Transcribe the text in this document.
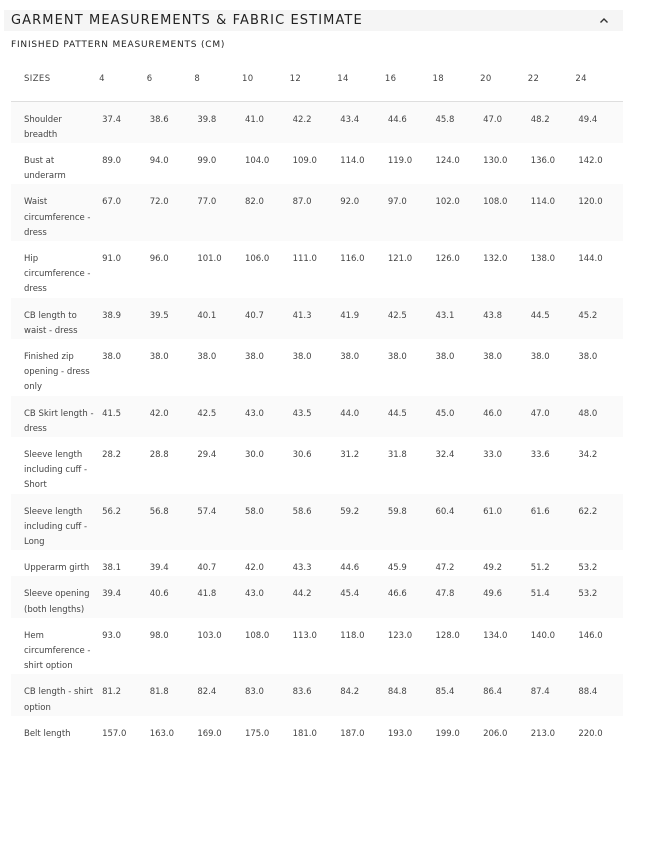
GARMENT MEASUREMENTS & FABRIC ESTIMATE
FINISHED PATTERN MEASUREMENTS (CM)
SIZES	4	6	8	10	12	14	16	18	20	22	24
Shoulder breadth	37.4	38.6	39.8	41.0	42.2	43.4	44.6	45.8	47.0	48.2	49.4
Bust at underarm	89.0	94.0	99.0	104.0	109.0	114.0	119.0	124.0	130.0	136.0	142.0
Waist circumference - dress	67.0	72.0	77.0	82.0	87.0	92.0	97.0	102.0	108.0	114.0	120.0
Hip circumference - dress	91.0	96.0	101.0	106.0	111.0	116.0	121.0	126.0	132.0	138.0	144.0
CB length to waist - dress	38.9	39.5	40.1	40.7	41.3	41.9	42.5	43.1	43.8	44.5	45.2
Finished zip opening - dress only	38.0	38.0	38.0	38.0	38.0	38.0	38.0	38.0	38.0	38.0	38.0
CB Skirt length - dress	41.5	42.0	42.5	43.0	43.5	44.0	44.5	45.0	46.0	47.0	48.0
Sleeve length including cuff - Short	28.2	28.8	29.4	30.0	30.6	31.2	31.8	32.4	33.0	33.6	34.2
Sleeve length including cuff - Long	56.2	56.8	57.4	58.0	58.6	59.2	59.8	60.4	61.0	61.6	62.2
Upperarm girth	38.1	39.4	40.7	42.0	43.3	44.6	45.9	47.2	49.2	51.2	53.2
Sleeve opening (both lengths)	39.4	40.6	41.8	43.0	44.2	45.4	46.6	47.8	49.6	51.4	53.2
Hem circumference - shirt option	93.0	98.0	103.0	108.0	113.0	118.0	123.0	128.0	134.0	140.0	146.0
CB length - shirt option	81.2	81.8	82.4	83.0	83.6	84.2	84.8	85.4	86.4	87.4	88.4
Belt length	157.0	163.0	169.0	175.0	181.0	187.0	193.0	199.0	206.0	213.0	220.0
